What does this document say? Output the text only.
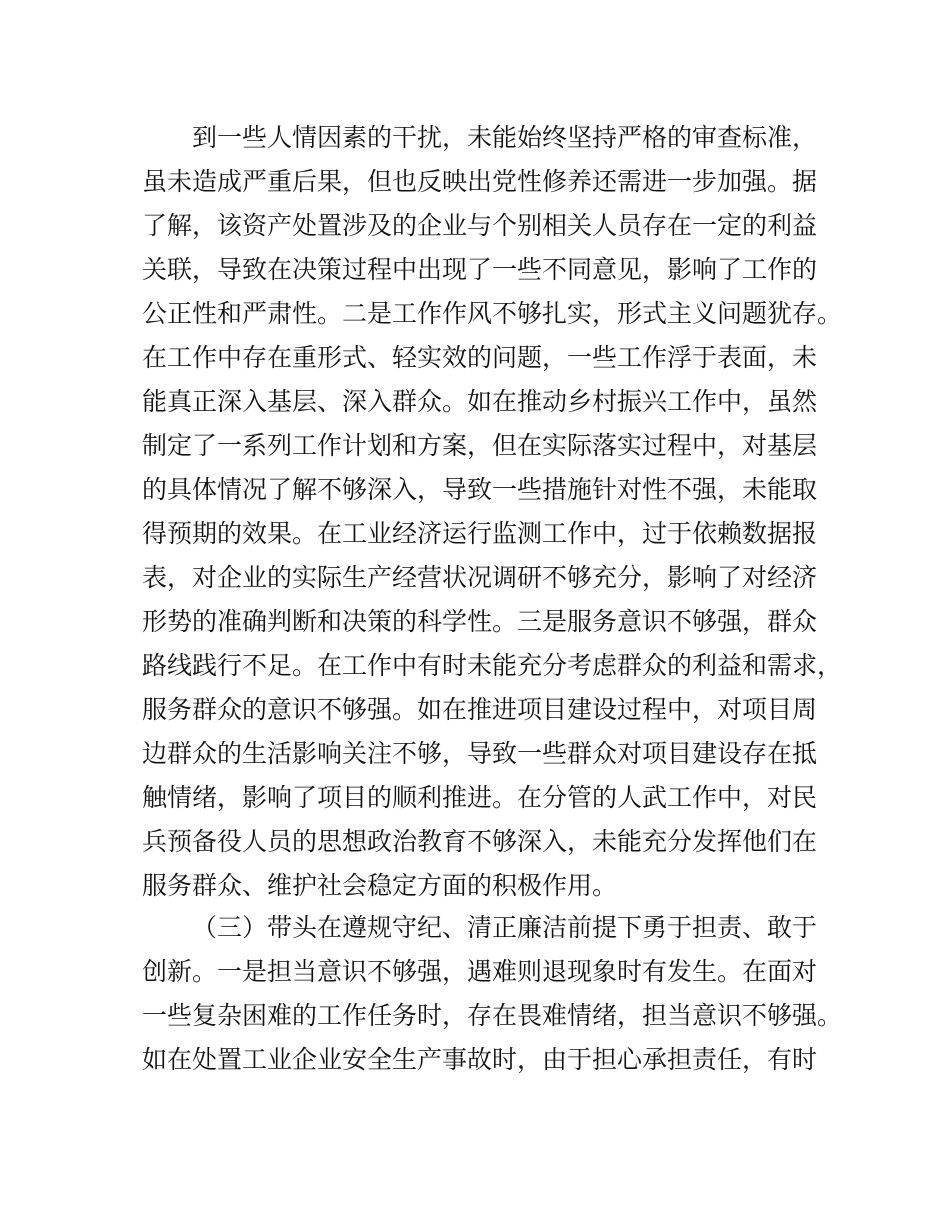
到一些人情因素的干扰，未能始终坚持严格的审查标准，
虽未造成严重后果，但也反映出党性修养还需进一步加强。据
了解，该资产处置涉及的企业与个别相关人员存在一定的利益
关联，导致在决策过程中出现了一些不同意见，影响了工作的
公正性和严肃性。二是工作作风不够扎实，形式主义问题犹存。
在工作中存在重形式、轻实效的问题，一些工作浮于表面，未
能真正深入基层、深入群众。如在推动乡村振兴工作中，虽然
制定了一系列工作计划和方案，但在实际落实过程中，对基层
的具体情况了解不够深入，导致一些措施针对性不强，未能取
得预期的效果。在工业经济运行监测工作中，过于依赖数据报
表，对企业的实际生产经营状况调研不够充分，影响了对经济
形势的准确判断和决策的科学性。三是服务意识不够强，群众
路线践行不足。在工作中有时未能充分考虑群众的利益和需求，
服务群众的意识不够强。如在推进项目建设过程中，对项目周
边群众的生活影响关注不够，导致一些群众对项目建设存在抵
触情绪，影响了项目的顺利推进。在分管的人武工作中，对民
兵预备役人员的思想政治教育不够深入，未能充分发挥他们在
服务群众、维护社会稳定方面的积极作用。
（三）带头在遵规守纪、清正廉洁前提下勇于担责、敢于
创新。一是担当意识不够强，遇难则退现象时有发生。在面对
一些复杂困难的工作任务时，存在畏难情绪，担当意识不够强。
如在处置工业企业安全生产事故时，由于担心承担责任，有时
